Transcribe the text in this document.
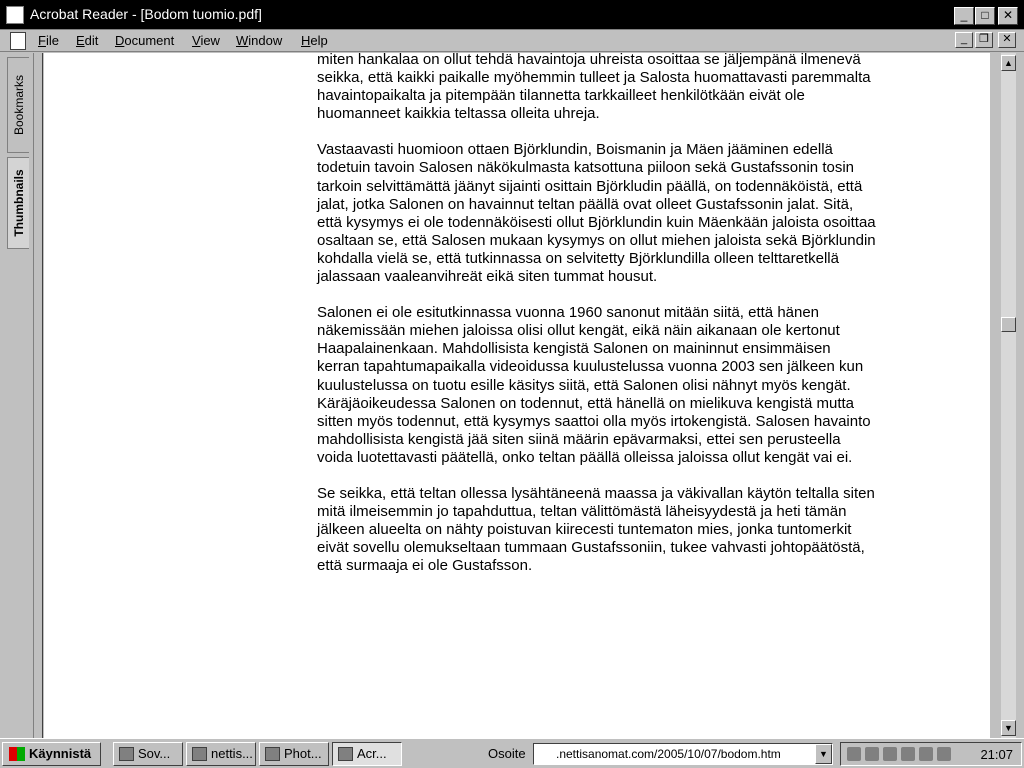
Acrobat Reader - [Bodom tuomio.pdf]	_	□	✕
File Edit Document View Window Help	_	❐	✕
Bookmarks
Thumbnails

miten hankalaa on ollut tehdä havaintoja uhreista osoittaa se jäljempänä ilmenevä seikka, että kaikki paikalle myöhemmin tulleet ja Salosta huomattavasti paremmalta havaintopaikalta ja pitempään tilannetta tarkkailleet henkilötkään eivät ole huomanneet kaikkia teltassa olleita uhreja.

Vastaavasti huomioon ottaen Björklundin, Boismanin ja Mäen jääminen edellä todetuin tavoin Salosen näkökulmasta katsottuna piiloon sekä Gustafssonin tosin tarkoin selvittämättä jäänyt sijainti osittain Björkludin päällä, on todennäköistä, että jalat, jotka Salonen on havainnut teltan päällä ovat olleet Gustafssonin jalat. Sitä, että kysymys ei ole todennäköisesti ollut Björklundin kuin Mäenkään jaloista osoittaa osaltaan se, että Salosen mukaan kysymys on ollut miehen jaloista sekä Björklundin kohdalla vielä se, että tutkinnassa on selvitetty Björklundilla olleen telttaretkellä jalassaan vaaleanvihreät eikä siten tummat housut.

Salonen ei ole esitutkinnassa vuonna 1960 sanonut mitään siitä, että hänen näkemissään miehen jaloissa olisi ollut kengät, eikä näin aikanaan ole kertonut Haapalainenkaan. Mahdollisista kengistä Salonen on maininnut ensimmäisen kerran tapahtumapaikalla videoidussa kuulustelussa vuonna 2003 sen jälkeen kun kuulustelussa on tuotu esille käsitys siitä, että Salonen olisi nähnyt myös kengät. Käräjäoikeudessa Salonen on todennut, että hänellä on mielikuva kengistä mutta sitten myös todennut, että kysymys saattoi olla myös irtokengistä. Salosen havainto mahdollisista kengistä jää siten siinä määrin epävarmaksi, ettei sen perusteella voida luotettavasti päätellä, onko teltan päällä olleissa jaloissa ollut kengät vai ei.

Se seikka, että teltan ollessa lysähtäneenä maassa ja väkivallan käytön teltalla siten mitä ilmeisemmin jo tapahduttua, teltan välittömästä läheisyydestä ja heti tämän jälkeen alueelta on nähty poistuvan kiirecesti tuntematon mies, jonka tuntomerkit eivät sovellu olemukseltaan tummaan Gustafssoniin, tukee vahvasti johtopäätöstä, että surmaaja ei ole Gustafsson.

▲
▼
Käynnistä	Sov...	nettis...	Phot...	Acr...	Osoite	.nettisanomat.com/2005/10/07/bodom.htm	▼	21:07
